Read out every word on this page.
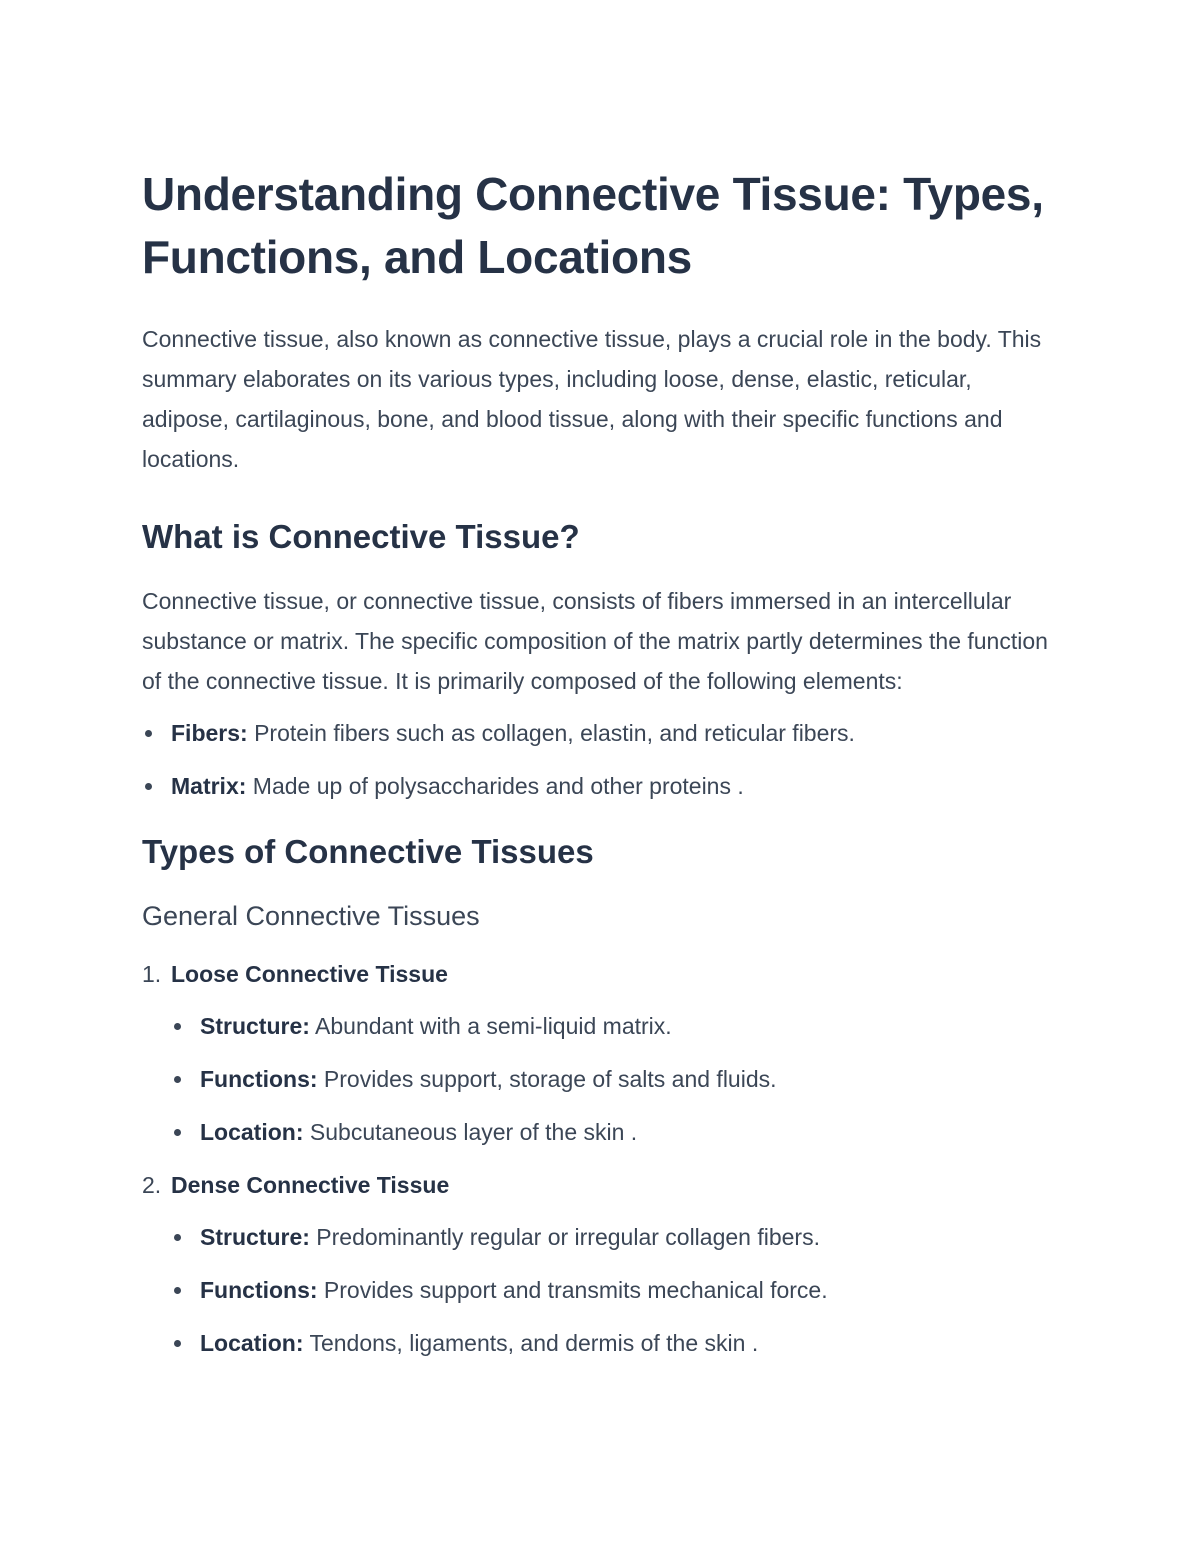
Understanding Connective Tissue: Types, Functions, and Locations

Connective tissue, also known as connective tissue, plays a crucial role in the body. This summary elaborates on its various types, including loose, dense, elastic, reticular, adipose, cartilaginous, bone, and blood tissue, along with their specific functions and locations.

What is Connective Tissue?

Connective tissue, or connective tissue, consists of fibers immersed in an intercellular substance or matrix. The specific composition of the matrix partly determines the function of the connective tissue. It is primarily composed of the following elements:

Fibers: Protein fibers such as collagen, elastin, and reticular fibers.
Matrix: Made up of polysaccharides and other proteins .
Types of Connective Tissues
General Connective Tissues
1. Loose Connective Tissue
Structure: Abundant with a semi-liquid matrix.
Functions: Provides support, storage of salts and fluids.
Location: Subcutaneous layer of the skin .
2. Dense Connective Tissue
Structure: Predominantly regular or irregular collagen fibers.
Functions: Provides support and transmits mechanical force.
Location: Tendons, ligaments, and dermis of the skin .
